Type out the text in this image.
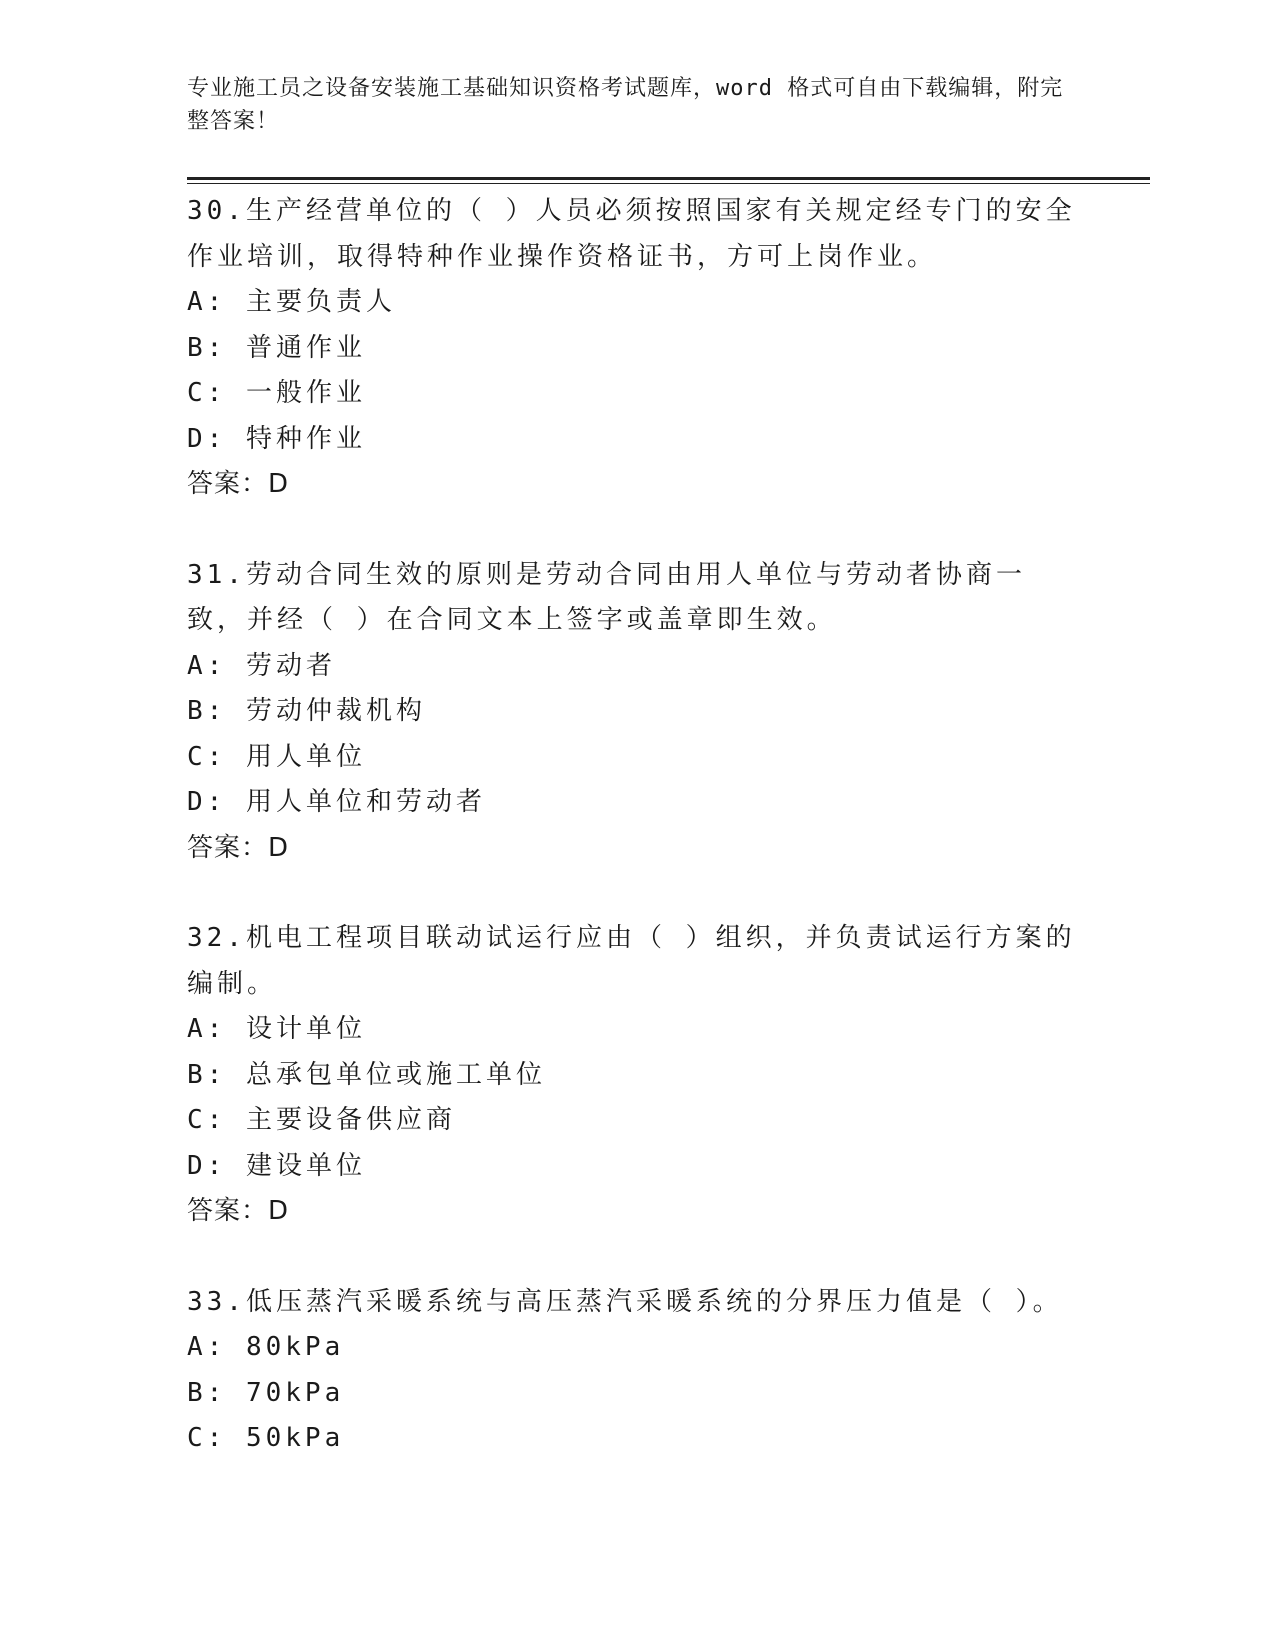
专业施工员之设备安装施工基础知识资格考试题库，word 格式可自由下载编辑，附完整答案！
30.生产经营单位的（ ）人员必须按照国家有关规定经专门的安全作业培训，取得特种作业操作资格证书，方可上岗作业。
A: 主要负责人
B: 普通作业
C: 一般作业
D: 特种作业
答案：D
31.劳动合同生效的原则是劳动合同由用人单位与劳动者协商一致，并经（ ）在合同文本上签字或盖章即生效。
A: 劳动者
B: 劳动仲裁机构
C: 用人单位
D: 用人单位和劳动者
答案：D
32.机电工程项目联动试运行应由（ ）组织，并负责试运行方案的编制。
A: 设计单位
B: 总承包单位或施工单位
C: 主要设备供应商
D: 建设单位
答案：D
33.低压蒸汽采暖系统与高压蒸汽采暖系统的分界压力值是（ ）。
A: 80kPa
B: 70kPa
C: 50kPa
